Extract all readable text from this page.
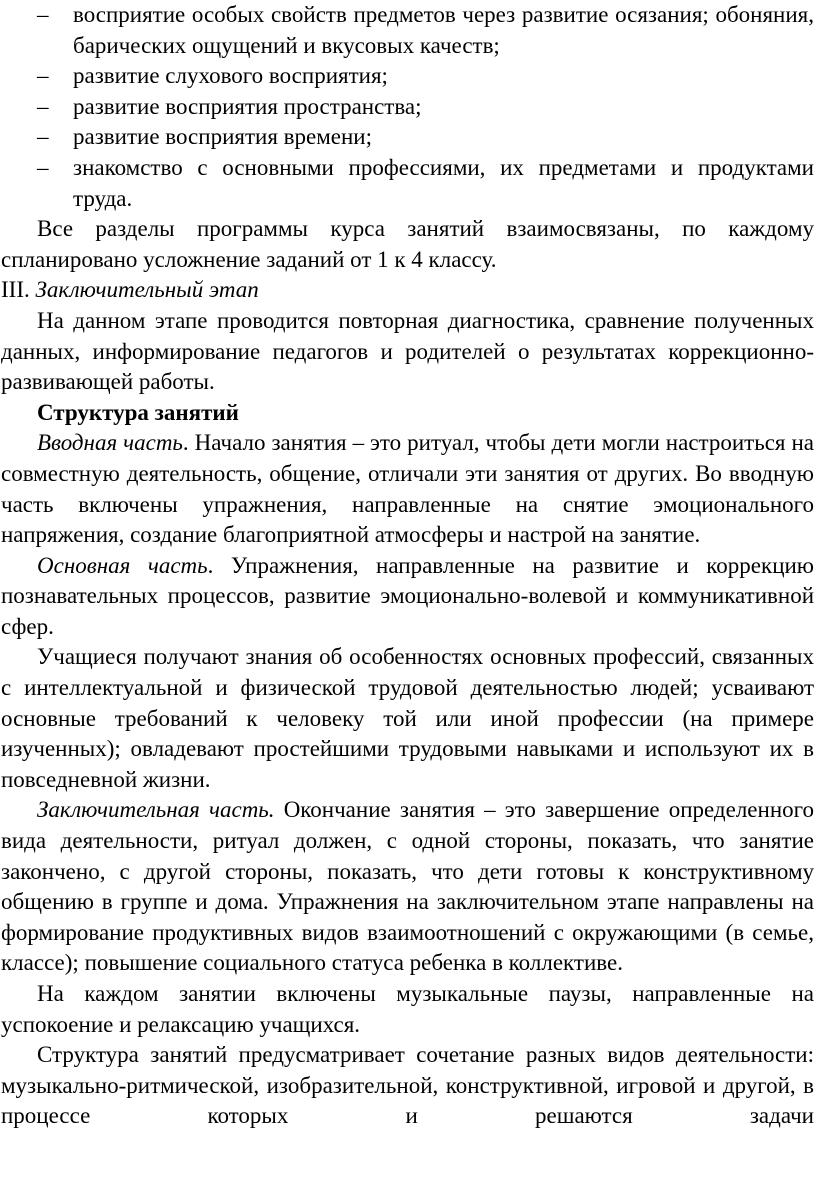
– восприятие особых свойств предметов через развитие осязания; обоняния, барических ощущений и вкусовых качеств;
– развитие слухового восприятия;
– развитие восприятия пространства;
– развитие восприятия времени;
– знакомство с основными профессиями, их предметами и продуктами труда.

Все разделы программы курса занятий взаимосвязаны, по каждому спланировано усложнение заданий от 1 к 4 классу.

III. Заключительный этап

На данном этапе проводится повторная диагностика, сравнение полученных данных, информирование педагогов и родителей о результатах коррекционно-развивающей работы.

Структура занятий

Вводная часть. Начало занятия – это ритуал, чтобы дети могли настроиться на совместную деятельность, общение, отличали эти занятия от других. Во вводную часть включены упражнения, направленные на снятие эмоционального напряжения, создание благоприятной атмосферы и настрой на занятие.

Основная часть. Упражнения, направленные на развитие и коррекцию познавательных процессов, развитие эмоционально-волевой и коммуникативной сфер.

Учащиеся получают знания об особенностях основных профессий, связанных с интеллектуальной и физической трудовой деятельностью людей; усваивают основные требований к человеку той или иной профессии (на примере изученных); овладевают простейшими трудовыми навыками и используют их в повседневной жизни.

Заключительная часть. Окончание занятия – это завершение определенного вида деятельности, ритуал должен, с одной стороны, показать, что занятие закончено, с другой стороны, показать, что дети готовы к конструктивному общению в группе и дома. Упражнения на заключительном этапе направлены на формирование продуктивных видов взаимоотношений с окружающими (в семье, классе); повышение социального статуса ребенка в коллективе.

На каждом занятии включены музыкальные паузы, направленные на успокоение и релаксацию учащихся.

Структура занятий предусматривает сочетание разных видов деятельности: музыкально-ритмической, изобразительной, конструктивной, игровой и другой, в процессе которых и решаются задачи
